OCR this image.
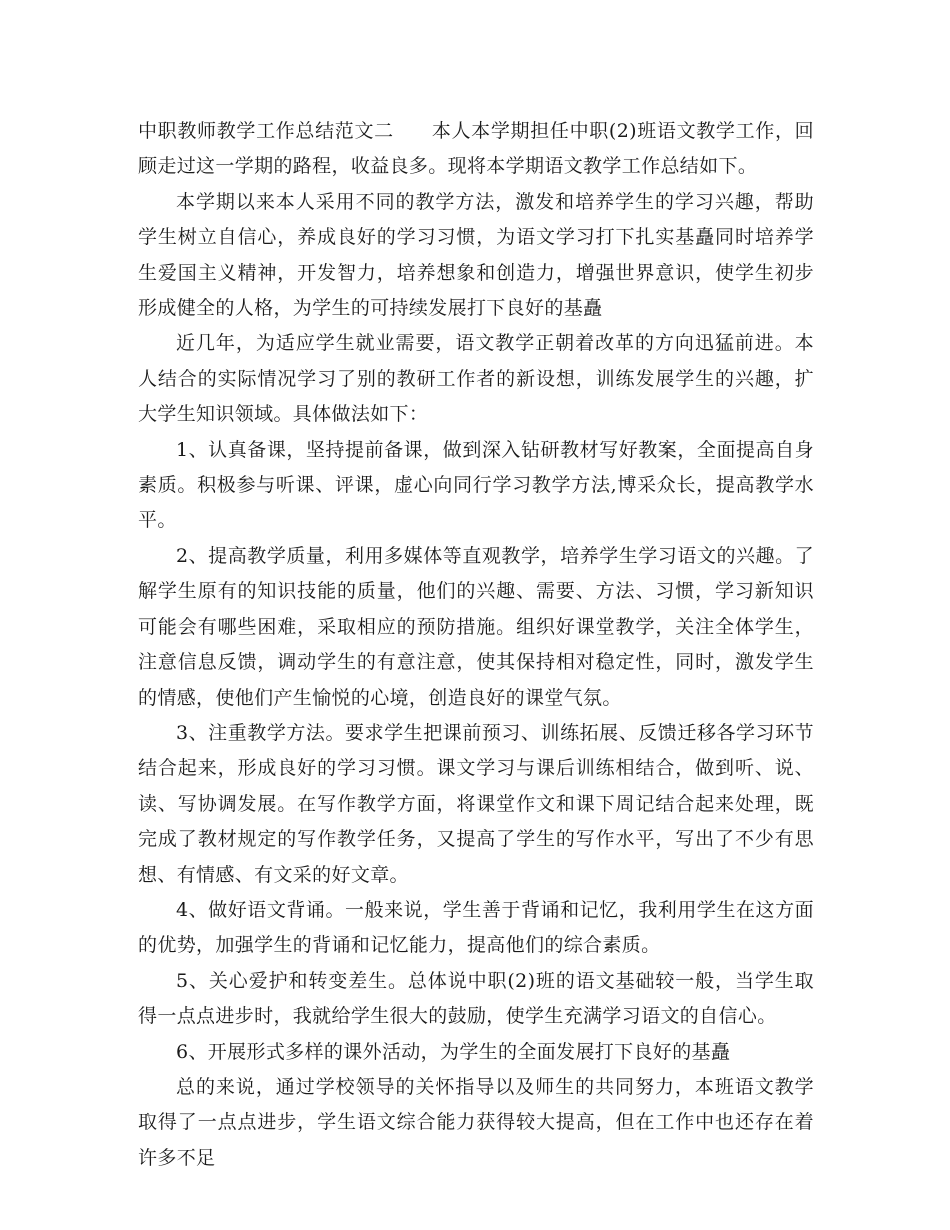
中职教师教学工作总结范文二 本人本学期担任中职(2)班语文教学工作，回顾走过这一学期的路程，收益良多。现将本学期语文教学工作总结如下。

本学期以来本人采用不同的教学方法，激发和培养学生的学习兴趣，帮助学生树立自信心，养成良好的学习习惯，为语文学习打下扎实基矗同时培养学生爱国主义精神，开发智力，培养想象和创造力，增强世界意识，使学生初步形成健全的人格，为学生的可持续发展打下良好的基矗

近几年，为适应学生就业需要，语文教学正朝着改革的方向迅猛前进。本人结合的实际情况学习了别的教研工作者的新设想，训练发展学生的兴趣，扩大学生知识领域。具体做法如下：

1、认真备课，坚持提前备课，做到深入钻研教材写好教案，全面提高自身素质。积极参与听课、评课，虚心向同行学习教学方法,博采众长，提高教学水平。

2、提高教学质量，利用多媒体等直观教学，培养学生学习语文的兴趣。了解学生原有的知识技能的质量，他们的兴趣、需要、方法、习惯，学习新知识可能会有哪些困难，采取相应的预防措施。组织好课堂教学，关注全体学生，注意信息反馈，调动学生的有意注意，使其保持相对稳定性，同时，激发学生的情感，使他们产生愉悦的心境，创造良好的课堂气氛。

3、注重教学方法。要求学生把课前预习、训练拓展、反馈迁移各学习环节结合起来，形成良好的学习习惯。课文学习与课后训练相结合，做到听、说、读、写协调发展。在写作教学方面，将课堂作文和课下周记结合起来处理，既完成了教材规定的写作教学任务，又提高了学生的写作水平，写出了不少有思想、有情感、有文采的好文章。

4、做好语文背诵。一般来说，学生善于背诵和记忆，我利用学生在这方面的优势，加强学生的背诵和记忆能力，提高他们的综合素质。

5、关心爱护和转变差生。总体说中职(2)班的语文基础较一般，当学生取得一点点进步时，我就给学生很大的鼓励，使学生充满学习语文的自信心。

6、开展形式多样的课外活动，为学生的全面发展打下良好的基矗

总的来说，通过学校领导的关怀指导以及师生的共同努力，本班语文教学取得了一点点进步，学生语文综合能力获得较大提高，但在工作中也还存在着许多不足
